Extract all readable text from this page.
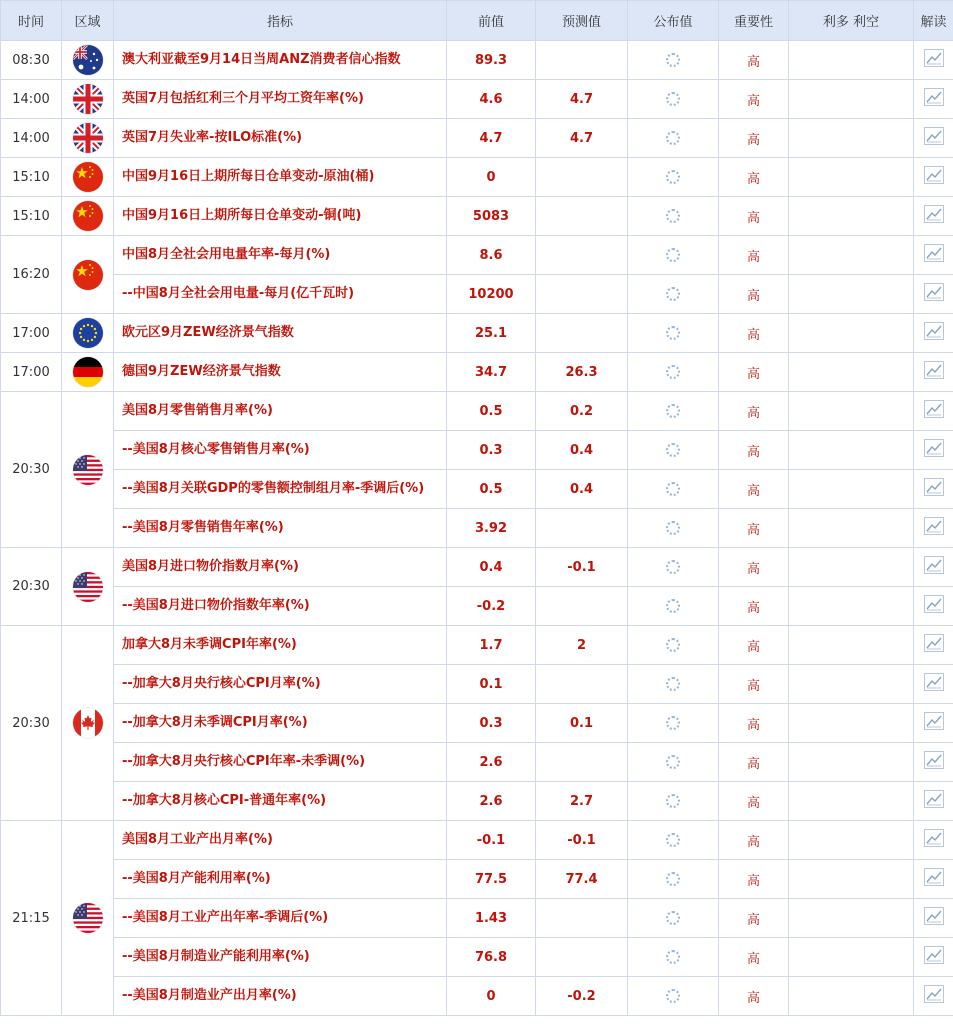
时间	区域	指标	前值	预测值	公布值	重要性	利多 利空	解读
08:30		澳大利亚截至9月14日当周ANZ消费者信心指数	89.3			高		
14:00		英国7月包括红利三个月平均工资年率(%)	4.6	4.7		高		
14:00		英国7月失业率-按ILO标准(%)	4.7	4.7		高		
15:10		中国9月16日上期所每日仓单变动-原油(桶)	0			高		
15:10		中国9月16日上期所每日仓单变动-铜(吨)	5083			高		
16:20		中国8月全社会用电量年率-每月(%)	8.6			高		
		--中国8月全社会用电量-每月(亿千瓦时)	10200			高		
17:00		欧元区9月ZEW经济景气指数	25.1			高		
17:00		德国9月ZEW经济景气指数	34.7	26.3		高		
20:30		美国8月零售销售月率(%)	0.5	0.2		高		
		--美国8月核心零售销售月率(%)	0.3	0.4		高		
		--美国8月关联GDP的零售额控制组月率-季调后(%)	0.5	0.4		高		
		--美国8月零售销售年率(%)	3.92			高		
20:30		美国8月进口物价指数月率(%)	0.4	-0.1		高		
		--美国8月进口物价指数年率(%)	-0.2			高		
20:30		加拿大8月未季调CPI年率(%)	1.7	2		高		
		--加拿大8月央行核心CPI月率(%)	0.1			高		
		--加拿大8月未季调CPI月率(%)	0.3	0.1		高		
		--加拿大8月央行核心CPI年率-未季调(%)	2.6			高		
		--加拿大8月核心CPI-普通年率(%)	2.6	2.7		高		
21:15		美国8月工业产出月率(%)	-0.1	-0.1		高		
		--美国8月产能利用率(%)	77.5	77.4		高		
		--美国8月工业产出年率-季调后(%)	1.43			高		
		--美国8月制造业产能利用率(%)	76.8			高		
		--美国8月制造业产出月率(%)	0	-0.2		高		
